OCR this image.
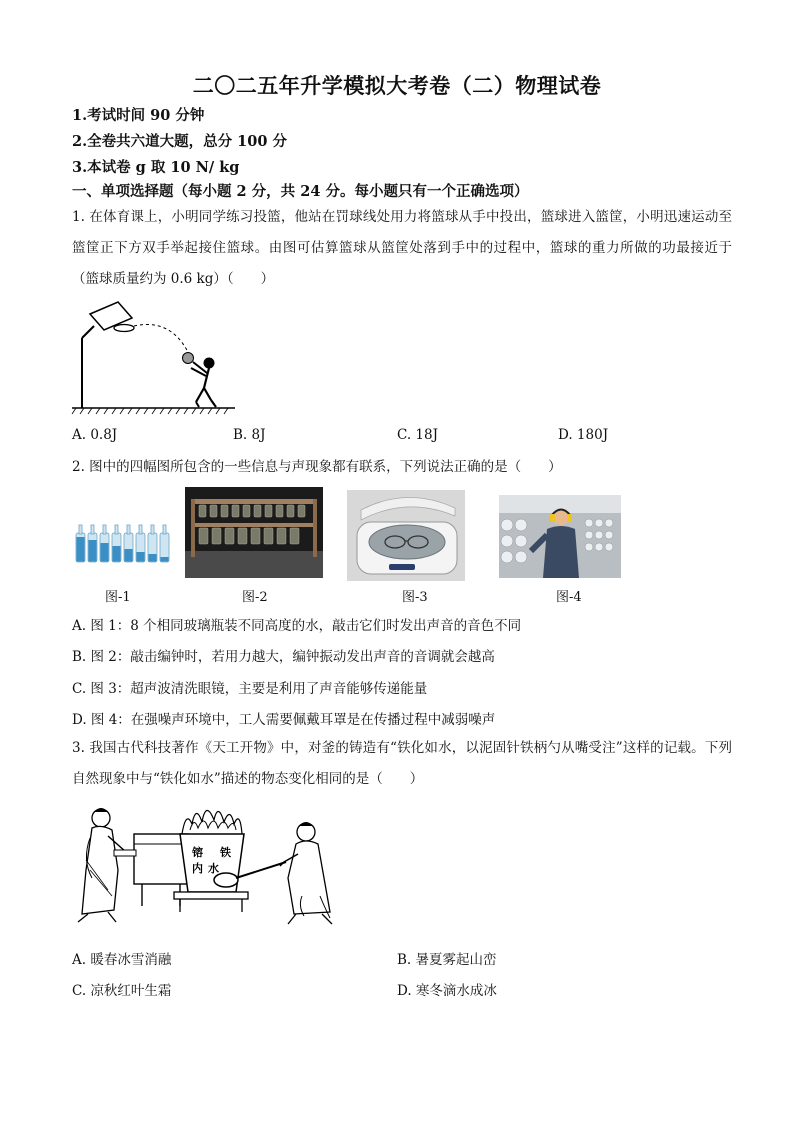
二〇二五年升学模拟大考卷（二）物理试卷
1.考试时间 90 分钟
2.全卷共六道大题，总分 100 分
3.本试卷 g 取 10 N/ kg
一、单项选择题（每小题 2 分，共 24 分。每小题只有一个正确选项）
1. 在体育课上，小明同学练习投篮，他站在罚球线处用力将篮球从手中投出，篮球进入篮筐，小明迅速运动至篮筐正下方双手举起接住篮球。由图可估算篮球从篮筐处落到手中的过程中，篮球的重力所做的功最接近于（篮球质量约为 0.6 kg）（　　）
A. 0.8J	B. 8J	C. 18J	D. 180J
2. 图中的四幅图所包含的一些信息与声现象都有联系，下列说法正确的是（　　）
图-1	图-2	图-3	图-4
A. 图 1：8 个相同玻璃瓶装不同高度的水，敲击它们时发出声音的音色不同
B. 图 2：敲击编钟时，若用力越大，编钟振动发出声音的音调就会越高
C. 图 3：超声波清洗眼镜，主要是利用了声音能够传递能量
D. 图 4：在强噪声环境中，工人需要佩戴耳罩是在传播过程中减弱噪声
3. 我国古代科技著作《天工开物》中，对釜的铸造有“铁化如水，以泥固针铁柄勺从嘴受注”这样的记载。下列自然现象中与“铁化如水”描述的物态变化相同的是（　　）
镕 铁
内 水
A. 暖春冰雪消融	B. 暑夏雾起山峦
C. 凉秋红叶生霜	D. 寒冬滴水成冰
